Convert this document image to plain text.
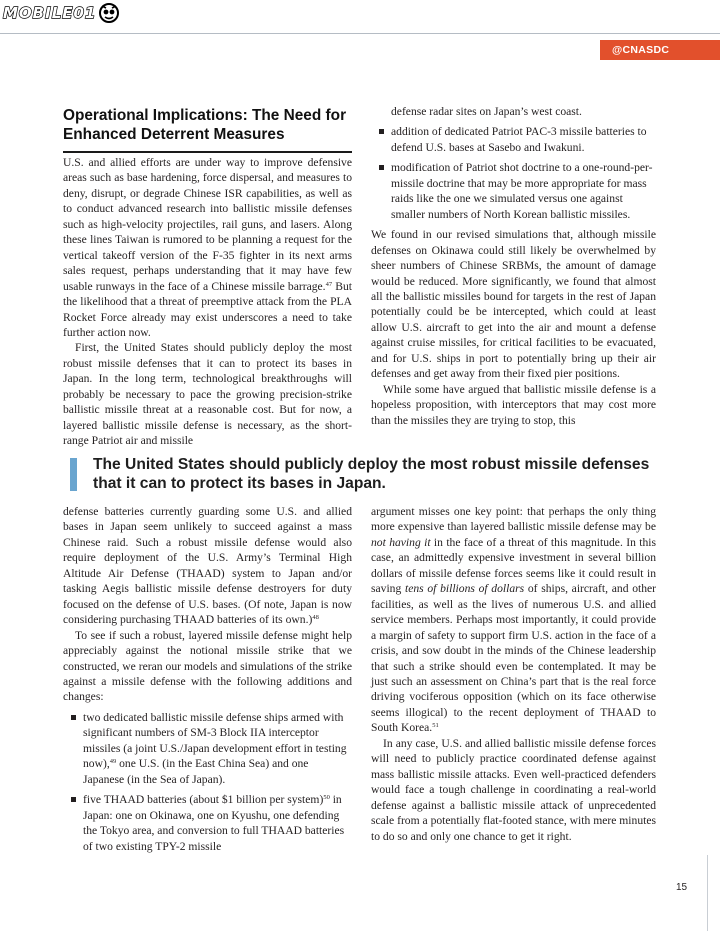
MOBILE01
@CNASDC
Operational Implications: The Need for Enhanced Deterrent Measures

U.S. and allied efforts are under way to improve defensive areas such as base hardening, force dispersal, and measures to deny, disrupt, or degrade Chinese ISR capabilities, as well as to conduct advanced research into ballistic missile defenses such as high-velocity projectiles, rail guns, and lasers. Along these lines Taiwan is rumored to be planning a request for the vertical takeoff version of the F-35 fighter in its next arms sales request, perhaps understanding that it may have few usable runways in the face of a Chinese missile barrage.$^{47}$ But the likelihood that a threat of preemptive attack from the PLA Rocket Force already may exist underscores a need to take further action now.

First, the United States should publicly deploy the most robust missile defenses that it can to protect its bases in Japan. In the long term, technological breakthroughs will probably be necessary to pace the growing precision-strike ballistic missile threat at a reasonable cost. But for now, a layered ballistic missile defense is necessary, as the short-range Patriot air and missile

defense radar sites on Japan’s west coast.
addition of dedicated Patriot PAC-3 missile batteries to defend U.S. bases at Sasebo and Iwakuni.
modification of Patriot shot doctrine to a one-round-per-missile doctrine that may be more appropriate for mass raids like the one we simulated versus one against smaller numbers of North Korean ballistic missiles.

We found in our revised simulations that, although missile defenses on Okinawa could still likely be overwhelmed by sheer numbers of Chinese SRBMs, the amount of damage would be reduced. More significantly, we found that almost all the ballistic missiles bound for targets in the rest of Japan potentially could be be intercepted, which could at least allow U.S. aircraft to get into the air and mount a defense against cruise missiles, for critical facilities to be evacuated, and for U.S. ships in port to potentially bring up their air defenses and get away from their fixed pier positions.

While some have argued that ballistic missile defense is a hopeless proposition, with interceptors that may cost more than the missiles they are trying to stop, this

The United States should publicly deploy the most robust missile defenses that it can to protect its bases in Japan.

defense batteries currently guarding some U.S. and allied bases in Japan seem unlikely to succeed against a mass Chinese raid. Such a robust missile defense would also require deployment of the U.S. Army’s Terminal High Altitude Air Defense (THAAD) system to Japan and/or tasking Aegis ballistic missile defense destroyers for duty focused on the defense of U.S. bases. (Of note, Japan is now considering purchasing THAAD batteries of its own.)$^{48}$

To see if such a robust, layered missile defense might help appreciably against the notional missile strike that we constructed, we reran our models and simulations of the strike against a missile defense with the following additions and changes:

two dedicated ballistic missile defense ships armed with significant numbers of SM-3 Block IIA interceptor missiles (a joint U.S./Japan development effort in testing now),$^{49}$ one U.S. (in the East China Sea) and one Japanese (in the Sea of Japan).
five THAAD batteries (about $1 billion per system)$^{50}$ in Japan: one on Okinawa, one on Kyushu, one defending the Tokyo area, and conversion to full THAAD batteries of two existing TPY-2 missile

argument misses one key point: that perhaps the only thing more expensive than layered ballistic missile defense may be not having it in the face of a threat of this magnitude. In this case, an admittedly expensive investment in several billion dollars of missile defense forces seems like it could result in saving tens of billions of dollars of ships, aircraft, and other facilities, as well as the lives of numerous U.S. and allied service members. Perhaps most importantly, it could provide a margin of safety to support firm U.S. action in the face of a crisis, and sow doubt in the minds of the Chinese leadership that such a strike should even be contemplated. It may be just such an assessment on China’s part that is the real force driving vociferous opposition (which on its face otherwise seems illogical) to the recent deployment of THAAD to South Korea.$^{51}$

In any case, U.S. and allied ballistic missile defense forces will need to publicly practice coordinated defense against mass ballistic missile attacks. Even well-practiced defenders would face a tough challenge in coordinating a real-world defense against a ballistic missile attack of unprecedented scale from a potentially flat-footed stance, with mere minutes to do so and only one chance to get it right.

15
